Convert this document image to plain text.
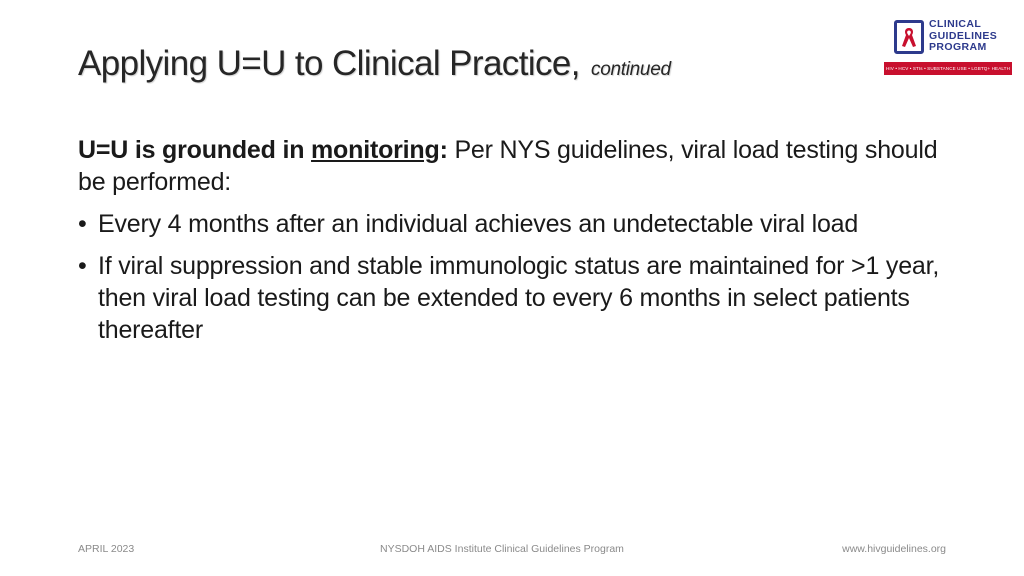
Applying U=U to Clinical Practice, continued
CLINICAL
GUIDELINES
PROGRAM
HIV • HCV • STIs • SUBSTANCE USE • LGBTQ+ HEALTH

U=U is grounded in monitoring: Per NYS guidelines, viral load testing should be performed:

• Every 4 months after an individual achieves an undetectable viral load
• If viral suppression and stable immunologic status are maintained for >1 year, then viral load testing can be extended to every 6 months in select patients thereafter
APRIL 2023	NYSDOH AIDS Institute Clinical Guidelines Program	www.hivguidelines.org
